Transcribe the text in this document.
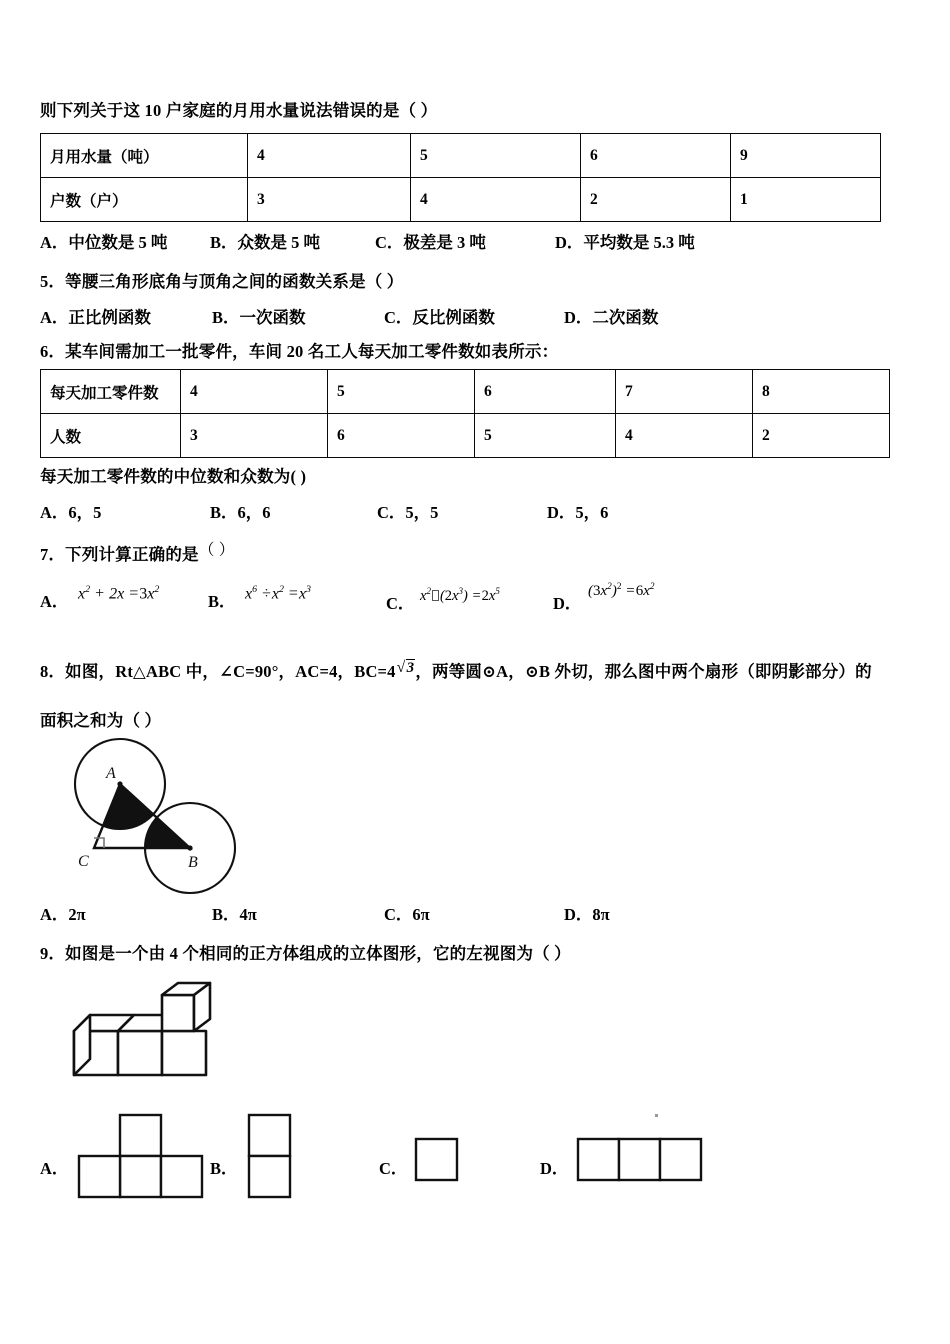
则下列关于这 10 户家庭的月用水量说法错误的是（ ）
月用水量（吨）	4	5	6	9
户数（户）	3	4	2	1
A．中位数是 5 吨	B．众数是 5 吨	C．极差是 3 吨	D．平均数是 5.3 吨
5．等腰三角形底角与顶角之间的函数关系是（ ）
A．正比例函数	B．一次函数	C．反比例函数	D．二次函数
6．某车间需加工一批零件，车间 20 名工人每天加工零件数如表所示：
每天加工零件数	4	5	6	7	8
人数	3	6	5	4	2
每天加工零件数的中位数和众数为( )
A．6，5	B．6，6	C．5，5	D．5，6
7．下列计算正确的是（ ）
A． $x^2 + 2x =3x^2$
B． $x^6 \div x^2 =x^3$
C． $x^2$ $(2x^3) =2x^5$
D．
$(3x^2)^2 =6x^2$
8．如图，Rt△ABC 中，∠C=90°，AC=4，BC=4 √ 3，两等圆⊙A，⊙B 外切，那么图中两个扇形（即阴影部分）的
面积之和为（ ）
A
C	B
A．2π	B．4π	C．6π	D．8π
9．如图是一个由 4 个相同的正方体组成的立体图形，它的左视图为（ ）
A．	B．	C．	D．
